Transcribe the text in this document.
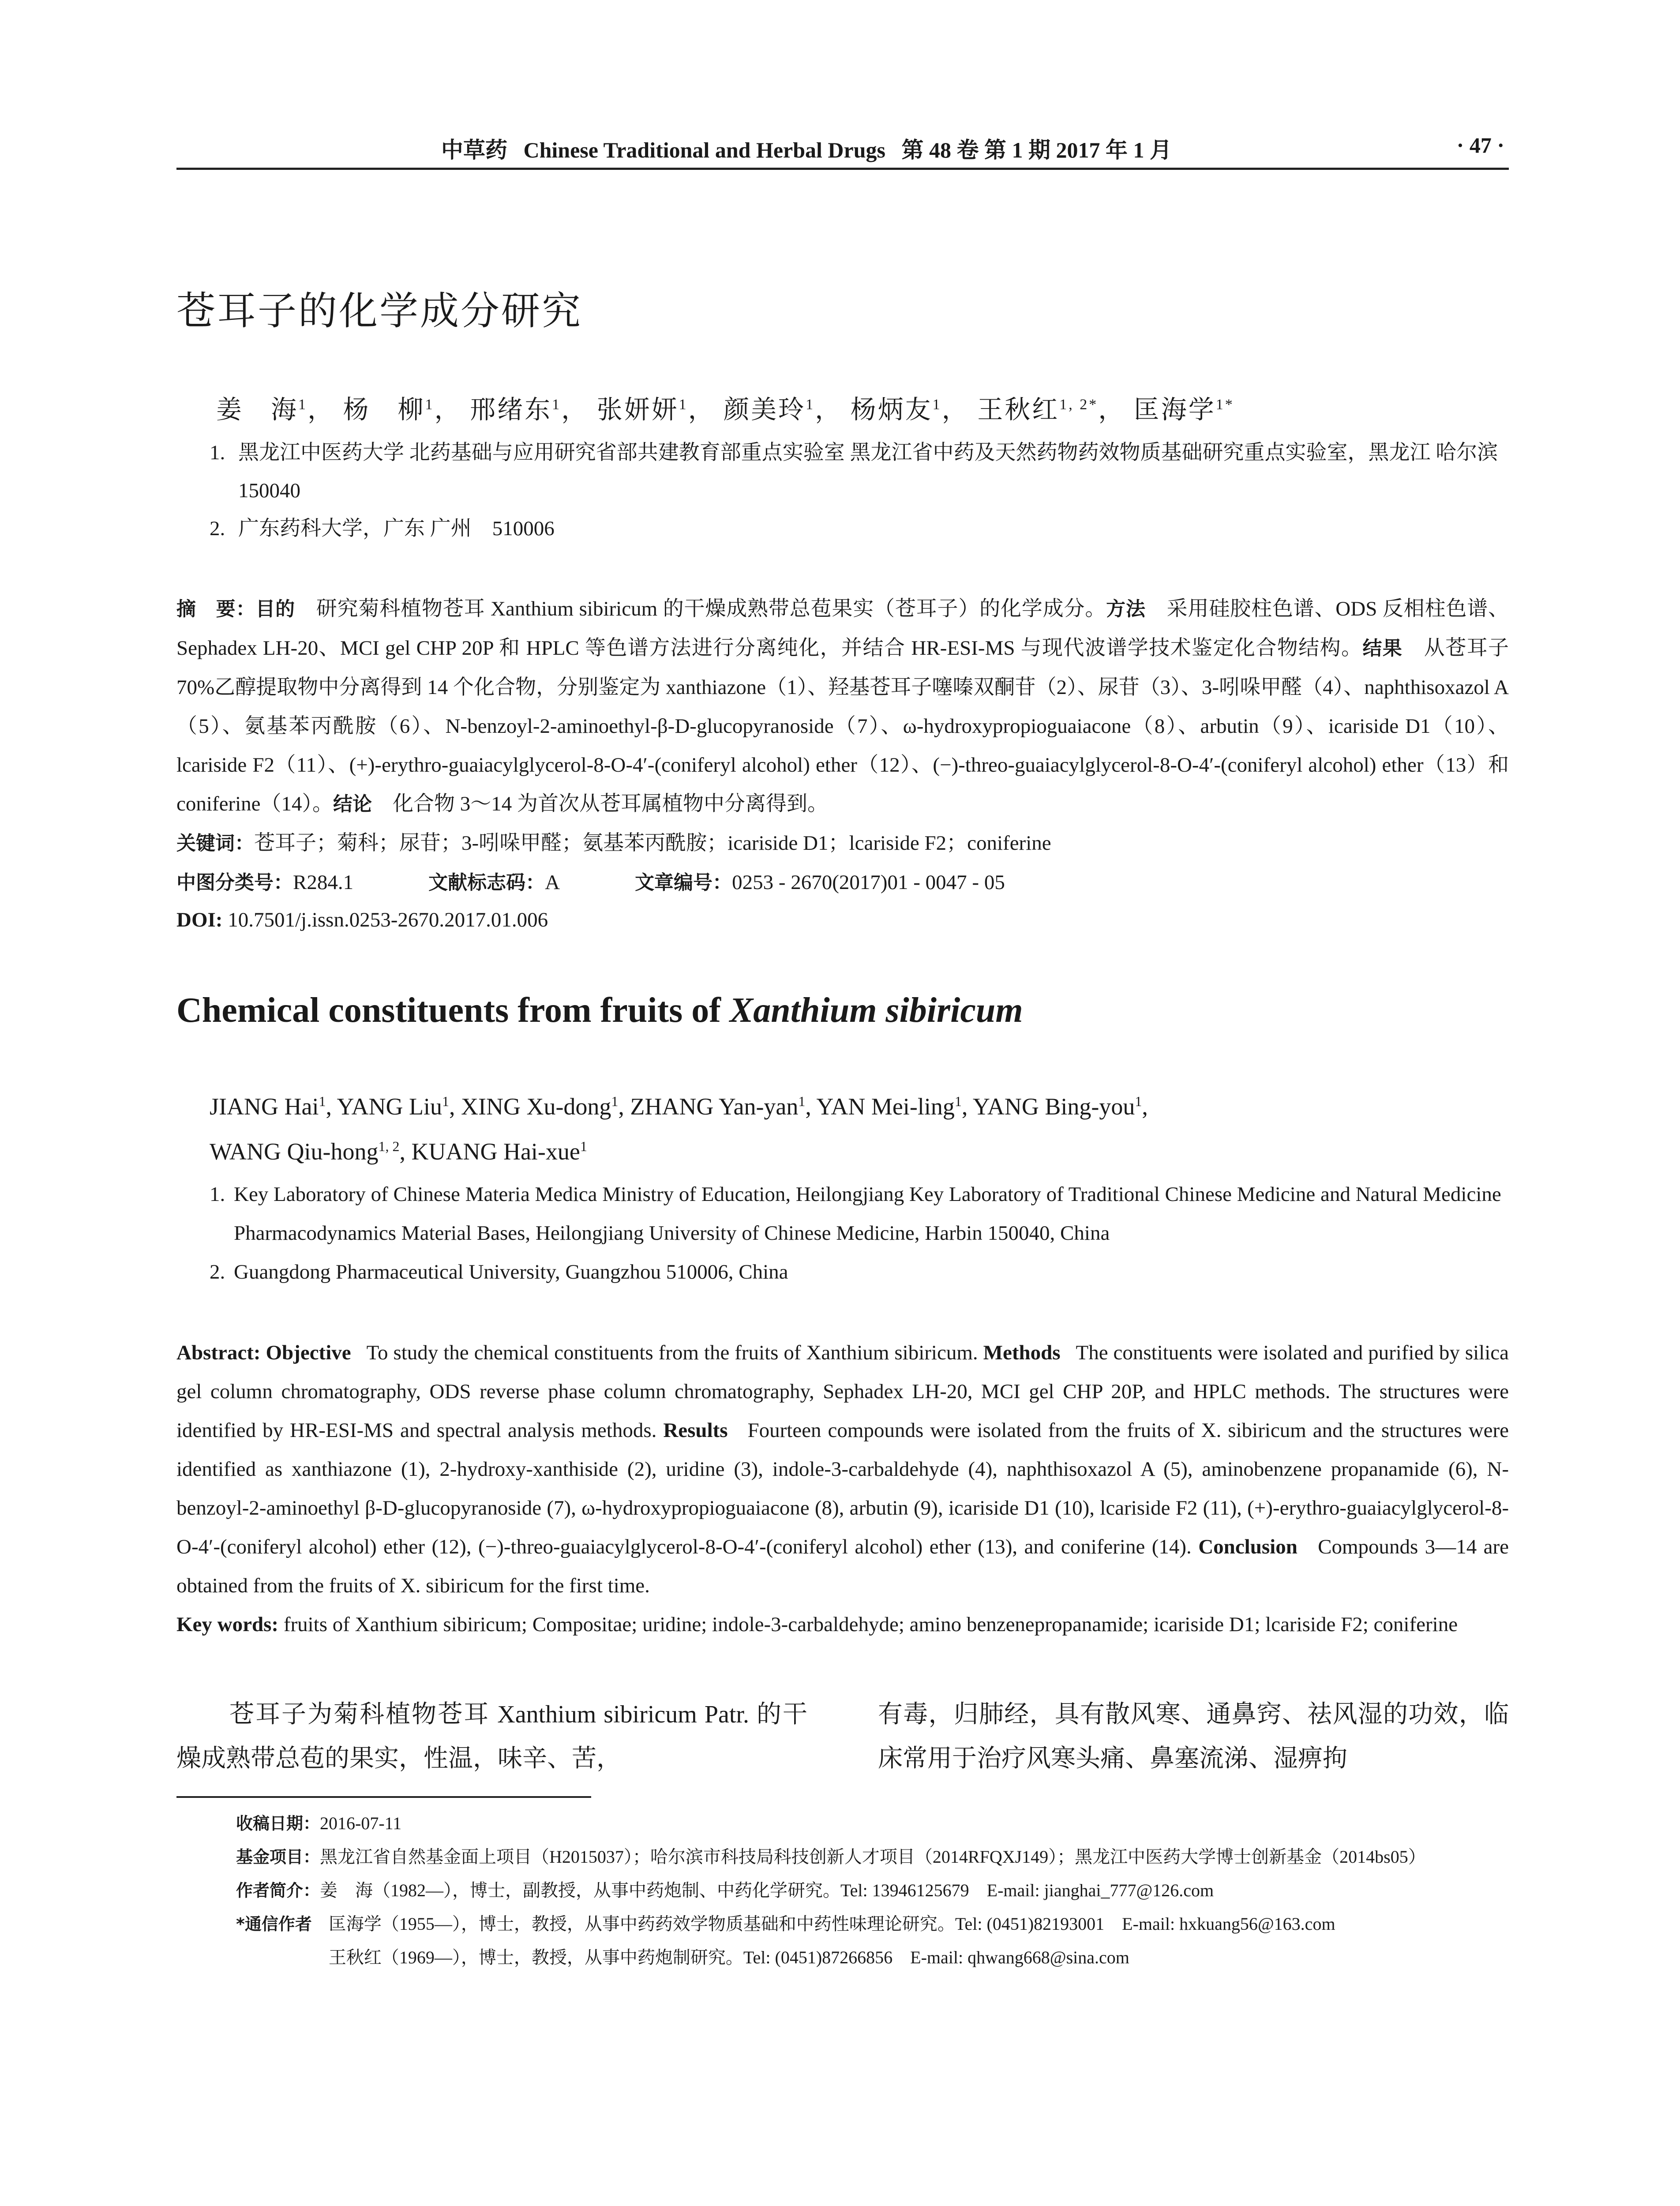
中草药 Chinese Traditional and Herbal Drugs 第 48 卷 第 1 期 2017 年 1 月	· 47 ·
苍耳子的化学成分研究
姜　海$^1$， 杨　柳$^1$， 邢绪东$^1$， 张妍妍$^1$， 颜美玲$^1$， 杨炳友$^1$， 王秋红$^{1, 2*}$， 匡海学$^{1*}$
1. 黑龙江中医药大学 北药基础与应用研究省部共建教育部重点实验室 黑龙江省中药及天然药物药效物质基础研究重点实验室，黑龙江 哈尔滨　150040
2. 广东药科大学，广东 广州　510006
摘　要：目的　 研究菊科植物苍耳 Xanthium sibiricum 的干燥成熟带总苞果实（苍耳子）的化学成分。方法　 采用硅胶柱色谱、ODS 反相柱色谱、Sephadex LH-20、MCI gel CHP 20P 和 HPLC 等色谱方法进行分离纯化，并结合 HR-ESI-MS 与现代波谱学技术鉴定化合物结构。结果　 从苍耳子 70%乙醇提取物中分离得到 14 个化合物，分别鉴定为 xanthiazone（1）、羟基苍耳子噻嗪双酮苷（2）、尿苷（3）、3-吲哚甲醛（4）、naphthisoxazol A（5）、氨基苯丙酰胺（6）、N-benzoyl-2-aminoethyl-β-D-glucopyranoside（7）、ω-hydroxypropioguaiacone（8）、arbutin（9）、icariside D1（10）、lcariside F2（11）、(+)-erythro-guaiacylglycerol-8-O-4′-(coniferyl alcohol) ether（12）、(−)-threo-guaiacylglycerol-8-O-4′-(coniferyl alcohol) ether（13）和 coniferine（14）。结论　 化合物 3～14 为首次从苍耳属植物中分离得到。
关键词：苍耳子；菊科；尿苷；3-吲哚甲醛；氨基苯丙酰胺；icariside D1；lcariside F2；coniferine
中图分类号：R284.1	文献标志码：A	文章编号：0253 - 2670(2017)01 - 0047 - 05
DOI: 10.7501/j.issn.0253-2670.2017.01.006
Chemical constituents from fruits of Xanthium sibiricum
JIANG Hai$^1$, YANG Liu$^1$, XING Xu-dong$^1$, ZHANG Yan-yan$^1$, YAN Mei-ling$^1$, YANG Bing-you$^1$,
WANG Qiu-hong$^{1, 2}$, KUANG Hai-xue$^1$
1. Key Laboratory of Chinese Materia Medica Ministry of Education, Heilongjiang Key Laboratory of Traditional Chinese Medicine and Natural Medicine Pharmacodynamics Material Bases, Heilongjiang University of Chinese Medicine, Harbin 150040, China
2. Guangdong Pharmaceutical University, Guangzhou 510006, China
Abstract: Objective To study the chemical constituents from the fruits of Xanthium sibiricum. Methods The constituents were isolated and purified by silica gel column chromatography, ODS reverse phase column chromatography, Sephadex LH-20, MCI gel CHP 20P, and HPLC methods. The structures were identified by HR-ESI-MS and spectral analysis methods. Results Fourteen compounds were isolated from the fruits of X. sibiricum and the structures were identified as xanthiazone (1), 2-hydroxy-xanthiside (2), uridine (3), indole-3-carbaldehyde (4), naphthisoxazol A (5), aminobenzene propanamide (6), N-benzoyl-2-aminoethyl β-D-glucopyranoside (7), ω-hydroxypropioguaiacone (8), arbutin (9), icariside D1 (10), lcariside F2 (11), (+)-erythro-guaiacylglycerol-8-O-4′-(coniferyl alcohol) ether (12), (−)-threo-guaiacylglycerol-8-O-4′-(coniferyl alcohol) ether (13), and coniferine (14). Conclusion Compounds 3—14 are obtained from the fruits of X. sibiricum for the first time.
Key words: fruits of Xanthium sibiricum; Compositae; uridine; indole-3-carbaldehyde; amino benzenepropanamide; icariside D1; lcariside F2; coniferine
苍耳子为菊科植物苍耳 Xanthium sibiricum Patr. 的干燥成熟带总苞的果实，性温，味辛、苦，
有毒，归肺经，具有散风寒、通鼻窍、祛风湿的功效，临床常用于治疗风寒头痛、鼻塞流涕、湿痹拘
收稿日期： 2016-07-11
基金项目： 黑龙江省自然基金面上项目（H2015037）；哈尔滨市科技局科技创新人才项目（2014RFQXJ149）；黑龙江中医药大学博士创新基金（2014bs05）
作者简介： 姜　海（1982—），博士，副教授，从事中药炮制、中药化学研究。Tel: 13946125679　E-mail: jianghai_777@126.com
*通信作者　 匡海学（1955—），博士，教授，从事中药药效学物质基础和中药性味理论研究。Tel: (0451)82193001　E-mail: hxkuang56@163.com
王秋红（1969—），博士，教授，从事中药炮制研究。Tel: (0451)87266856　E-mail: qhwang668@sina.com
